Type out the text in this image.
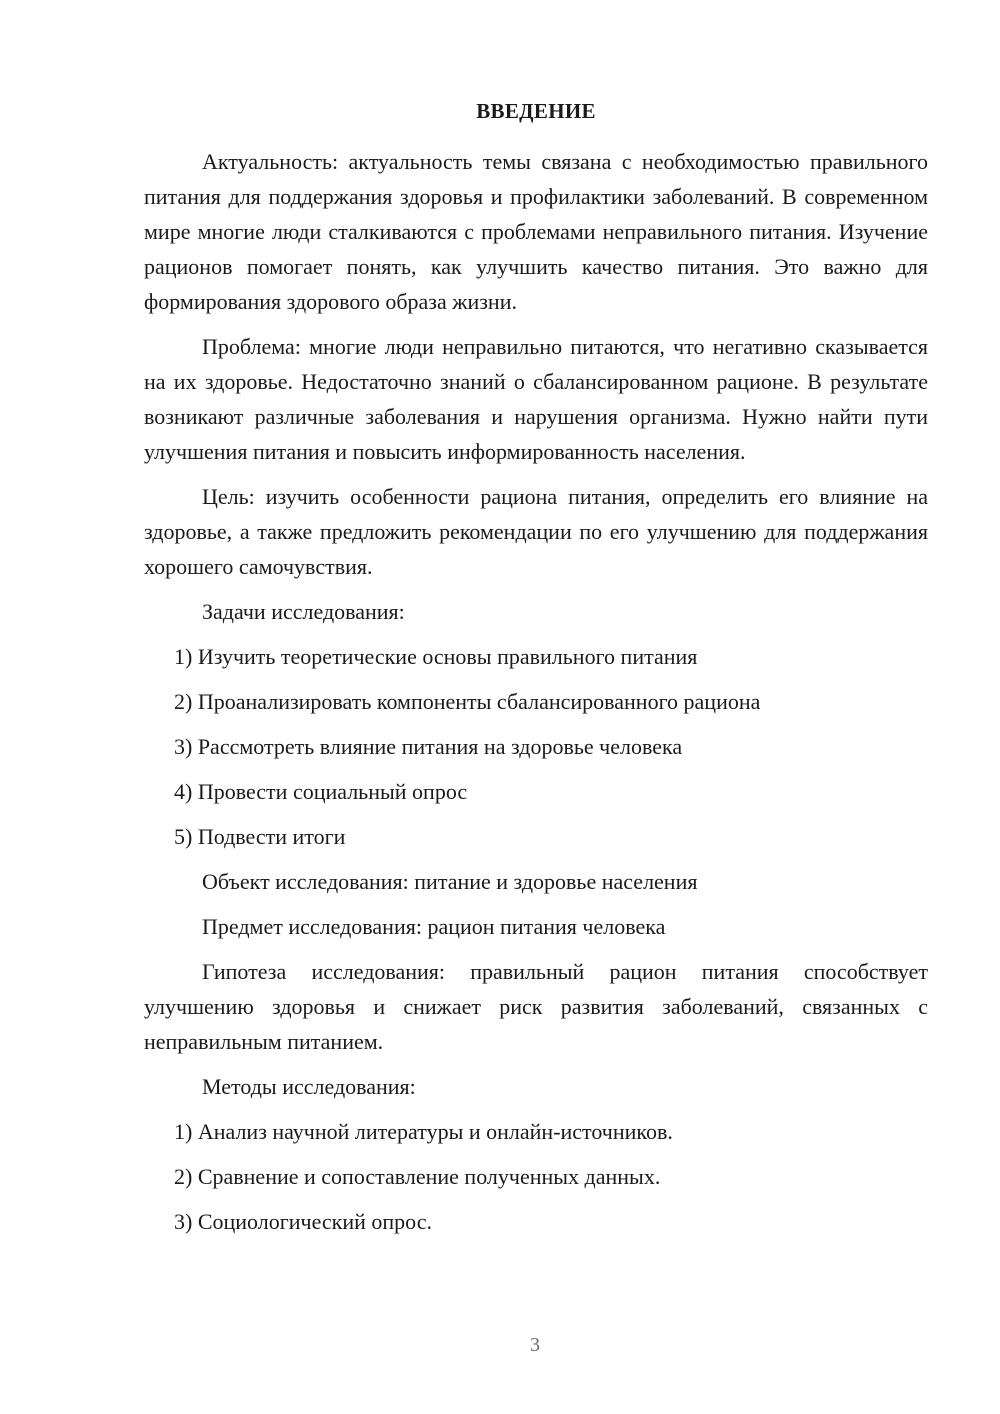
ВВЕДЕНИЕ

Актуальность: актуальность темы связана с необходимостью правильного питания для поддержания здоровья и профилактики заболеваний. В современном мире многие люди сталкиваются с проблемами неправильного питания. Изучение рационов помогает понять, как улучшить качество питания. Это важно для формирования здорового образа жизни.

Проблема: многие люди неправильно питаются, что негативно сказывается на их здоровье. Недостаточно знаний о сбалансированном рационе. В результате возникают различные заболевания и нарушения организма. Нужно найти пути улучшения питания и повысить информированность населения.

Цель: изучить особенности рациона питания, определить его влияние на здоровье, а также предложить рекомендации по его улучшению для поддержания хорошего самочувствия.

Задачи исследования:
1) Изучить теоретические основы правильного питания
2) Проанализировать компоненты сбалансированного рациона
3) Рассмотреть влияние питания на здоровье человека
4) Провести социальный опрос
5) Подвести итоги
Объект исследования: питание и здоровье населения
Предмет исследования: рацион питания человека

Гипотеза исследования: правильный рацион питания способствует улучшению здоровья и снижает риск развития заболеваний, связанных с неправильным питанием.

Методы исследования:
1) Анализ научной литературы и онлайн-источников.
2) Сравнение и сопоставление полученных данных.
3) Социологический опрос.
3
